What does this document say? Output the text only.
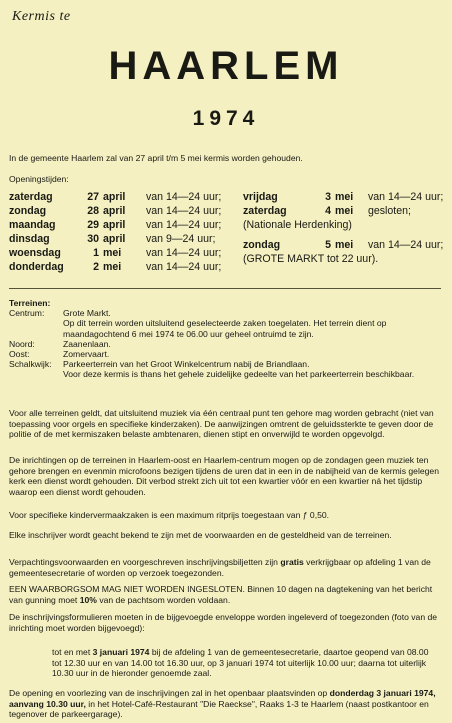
Kermis te
HAARLEM
1974
In de gemeente Haarlem zal van 27 april t/m 5 mei kermis worden gehouden.
Openingstijden:
zaterdag	27 april van 14—24 uur;
zondag	28 april van 14—24 uur;
maandag	29 april van 14—24 uur;
dinsdag	30 april van 9—24 uur;
woensdag	1 mei van 14—24 uur;
donderdag	2 mei van 14—24 uur;
vrijdag	3 mei van 14—24 uur;
zaterdag	4 mei gesloten;
(Nationale Herdenking)
zondag	5 mei van 14—24 uur;
(GROTE MARKT tot 22 uur).
Terreinen:
Centrum:	Grote Markt.
Op dit terrein worden uitsluitend geselecteerde zaken toegelaten. Het terrein dient op maandagochtend 6 mei 1974 te 06.00 uur geheel ontruimd te zijn.
Noord:	Zaanenlaan.
Oost:	Zomervaart.
Schalkwijk:	Parkeerterrein van het Groot Winkelcentrum nabij de Briandlaan.
Voor deze kermis is thans het gehele zuidelijke gedeelte van het parkeerterrein beschikbaar.
Voor alle terreinen geldt, dat uitsluitend muziek via één centraal punt ten gehore mag worden gebracht (niet van toepassing voor orgels en specifieke kinderzaken). De aanwijzingen omtrent de geluidssterkte te geven door de politie of de met kermiszaken belaste ambtenaren, dienen stipt en onverwijld te worden opgevolgd.
De inrichtingen op de terreinen in Haarlem-oost en Haarlem-centrum mogen op de zondagen geen muziek ten gehore brengen en evenmin microfoons bezigen tijdens de uren dat in een in de nabijheid van de kermis gelegen kerk een dienst wordt gehouden. Dit verbod strekt zich uit tot een kwartier vóór en een kwartier ná het tijdstip waarop een dienst wordt gehouden.
Voor specifieke kindervermaakzaken is een maximum ritprijs toegestaan van ƒ 0,50.
Elke inschrijver wordt geacht bekend te zijn met de voorwaarden en de gesteldheid van de terreinen.
Verpachtingsvoorwaarden en voorgeschreven inschrijvingsbiljetten zijn gratis verkrijgbaar op afdeling 1 van de gemeentesecretarie of worden op verzoek toegezonden.
EEN WAARBORGSOM MAG NIET WORDEN INGESLOTEN. Binnen 10 dagen na dagtekening van het bericht van gunning moet 10% van de pachtsom worden voldaan.
De inschrijvingsformulieren moeten in de bijgevoegde enveloppe worden ingeleverd of toegezonden (foto van de inrichting moet worden bijgevoegd):
tot en met 3 januari 1974 bij de afdeling 1 van de gemeentesecretarie, daartoe geopend van 08.00 tot 12.30 uur en van 14.00 tot 16.30 uur, op 3 januari 1974 tot uiterlijk 10.00 uur; daarna tot uiterlijk 10.30 uur in de hieronder genoemde zaal.
De opening en voorlezing van de inschrijvingen zal in het openbaar plaatsvinden op donderdag 3 januari 1974, aanvang 10.30 uur, in het Hotel-Café-Restaurant "Die Raeckse", Raaks 1-3 te Haarlem (naast postkantoor en tegenover de parkeergarage).
